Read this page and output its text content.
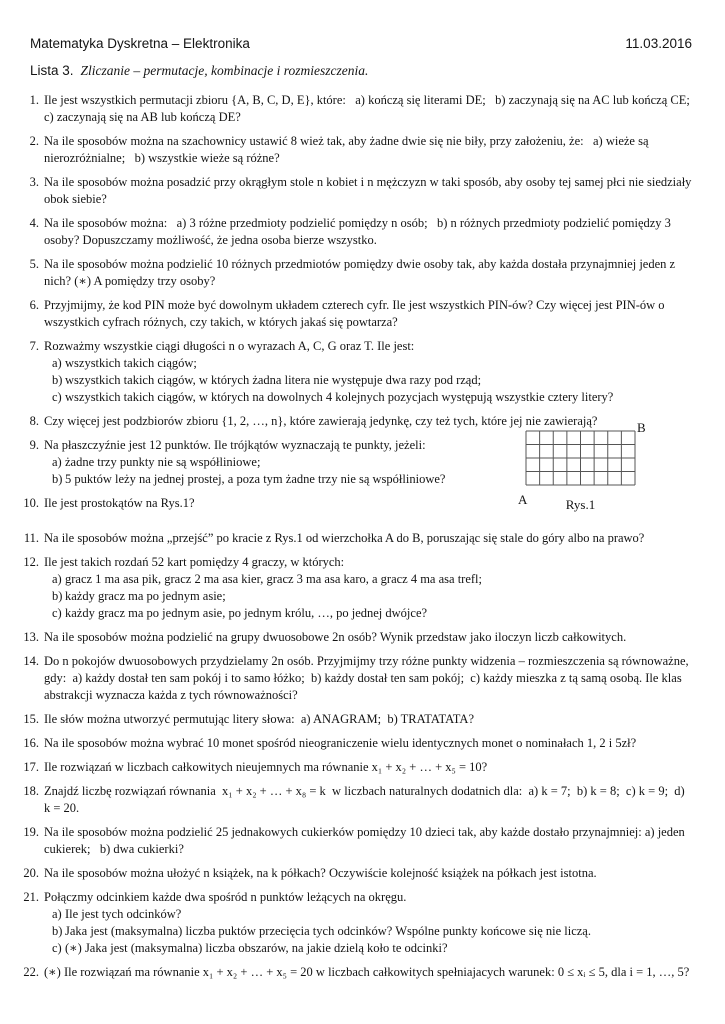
Matematyka Dyskretna – Elektronika	11.03.2016
Lista 3. Zliczanie – permutacje, kombinacje i rozmieszczenia.
1. Ile jest wszystkich permutacji zbioru {A, B, C, D, E}, które:   a) kończą się literami DE;   b) zaczynają się na AC lub kończą CE;   c) zaczynają się na AB lub kończą DE?
2. Na ile sposobów można na szachownicy ustawić 8 wież tak, aby żadne dwie się nie biły, przy założeniu, że:   a) wieże są nierozróżnialne;   b) wszystkie wieże są różne?
3. Na ile sposobów można posadzić przy okrągłym stole n kobiet i n mężczyzn w taki sposób, aby osoby tej samej płci nie siedziały obok siebie?
4. Na ile sposobów można:   a) 3 różne przedmioty podzielić pomiędzy n osób;   b) n różnych przedmioty podzielić pomiędzy 3 osoby? Dopuszczamy możliwość, że jedna osoba bierze wszystko.
5. Na ile sposobów można podzielić 10 różnych przedmiotów pomiędzy dwie osoby tak, aby każda dostała przynajmniej jeden z nich? (∗) A pomiędzy trzy osoby?
6. Przyjmijmy, że kod PIN może być dowolnym układem czterech cyfr. Ile jest wszystkich PIN-ów? Czy więcej jest PIN-ów o wszystkich cyfrach różnych, czy takich, w których jakaś się powtarza?
7. Rozważmy wszystkie ciągi długości n o wyrazach A, C, G oraz T. Ile jest:
a) wszystkich takich ciągów;
b) wszystkich takich ciągów, w których żadna litera nie występuje dwa razy pod rząd;
c) wszystkich takich ciągów, w których na dowolnych 4 kolejnych pozycjach występują wszystkie cztery litery?
8. Czy więcej jest podzbiorów zbioru {1, 2, …, n}, które zawierają jedynkę, czy też tych, które jej nie zawierają?
9. Na płaszczyźnie jest 12 punktów. Ile trójkątów wyznaczają te punkty, jeżeli:
a) żadne trzy punkty nie są współliniowe;
b) 5 puktów leży na jednej prostej, a poza tym żadne trzy nie są współliniowe?
10. Ile jest prostokątów na Rys.1?
11. Na ile sposobów można „przejść” po kracie z Rys.1 od wierzchołka A do B, poruszając się stale do góry albo na prawo?
12. Ile jest takich rozdań 52 kart pomiędzy 4 graczy, w których:
a) gracz 1 ma asa pik, gracz 2 ma asa kier, gracz 3 ma asa karo, a gracz 4 ma asa trefl;
b) każdy gracz ma po jednym asie;
c) każdy gracz ma po jednym asie, po jednym królu, …, po jednej dwójce?
13. Na ile sposobów można podzielić na grupy dwuosobowe 2n osób? Wynik przedstaw jako iloczyn liczb całkowitych.
14. Do n pokojów dwuosobowych przydzielamy 2n osób. Przyjmijmy trzy różne punkty widzenia – rozmieszczenia są równoważne, gdy:  a) każdy dostał ten sam pokój i to samo łóżko;  b) każdy dostał ten sam pokój;  c) każdy mieszka z tą samą osobą. Ile klas abstrakcji wyznacza każda z tych równoważności?
15. Ile słów można utworzyć permutując litery słowa:  a) ANAGRAM;  b) TRATATATA?
16. Na ile sposobów można wybrać 10 monet spośród nieograniczenie wielu identycznych monet o nominałach 1, 2 i 5zł?
17. Ile rozwiązań w liczbach całkowitych nieujemnych ma równanie x₁ + x₂ + … + x₅ = 10?
18. Znajdź liczbę rozwiązań równania  x₁ + x₂ + … + x₈ = k  w liczbach naturalnych dodatnich dla:  a) k = 7;  b) k = 8;  c) k = 9;  d) k = 20.
19. Na ile sposobów można podzielić 25 jednakowych cukierków pomiędzy 10 dzieci tak, aby każde dostało przynajmniej: a) jeden cukierek;   b) dwa cukierki?
20. Na ile sposobów można ułożyć n książek, na k półkach? Oczywiście kolejność książek na półkach jest istotna.
21. Połączmy odcinkiem każde dwa spośród n punktów leżących na okręgu.
a) Ile jest tych odcinków?
b) Jaka jest (maksymalna) liczba puktów przecięcia tych odcinków? Wspólne punkty końcowe się nie liczą.
c) (∗) Jaka jest (maksymalna) liczba obszarów, na jakie dzielą koło te odcinki?
22. (∗) Ile rozwiązań ma równanie x₁ + x₂ + … + x₅ = 20 w liczbach całkowitych spełniajacych warunek: 0 ≤ xᵢ ≤ 5, dla i = 1, …, 5?
A
B
Rys.1
